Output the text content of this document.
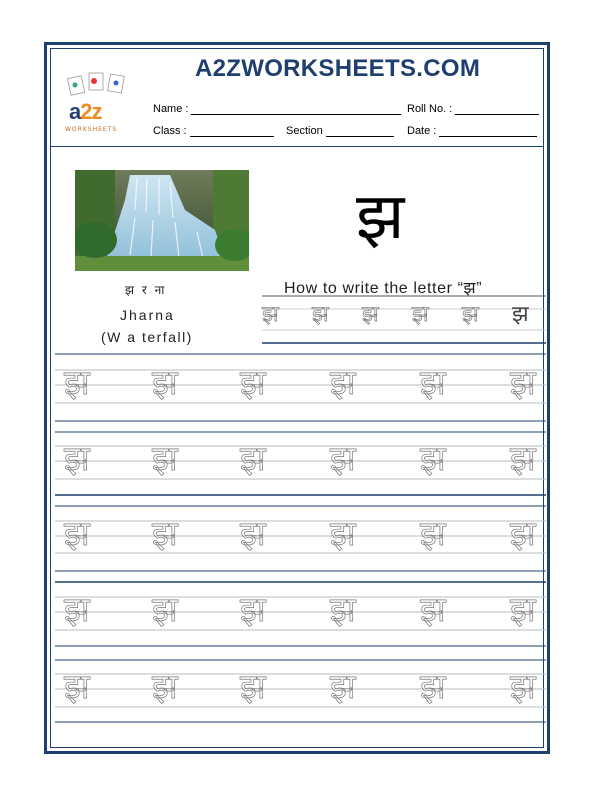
A2ZWORKSHEETS.COM
a2z
WORKSHEETS
Name :	Roll No. :
Class :	Section	Date :
झ र ना
Jharna
(W a terfall)
झ
How to write the letter “झ”
झ झ झ झ झ झ
झ झ झ झ झ झ
झ झ झ झ झ झ
झ झ झ झ झ झ
झ झ झ झ झ झ
झ झ झ झ झ झ
